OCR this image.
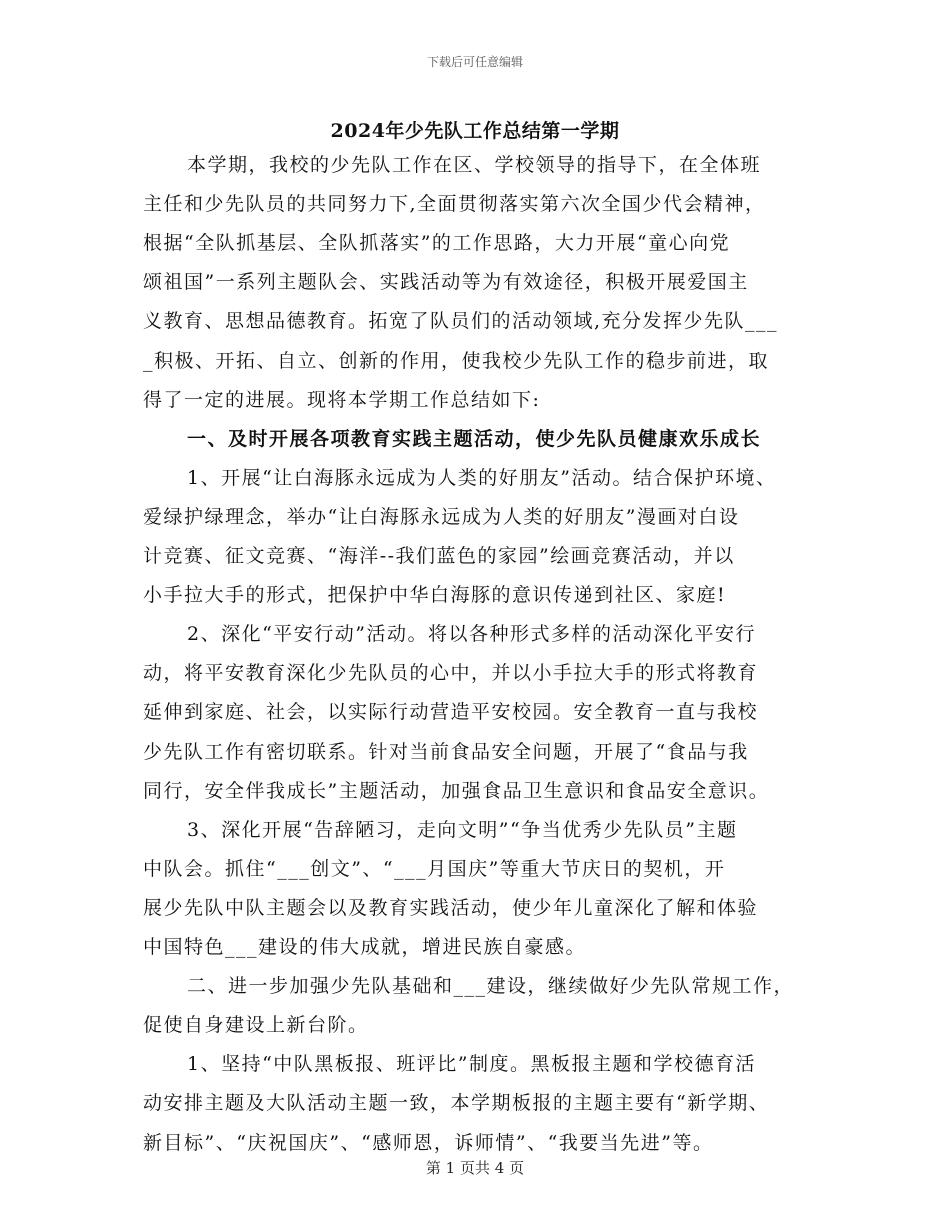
下载后可任意编辑
2024年少先队工作总结第一学期
本学期，我校的少先队工作在区、学校领导的指导下，在全体班
主任和少先队员的共同努力下,全面贯彻落实第六次全国少代会精神，
根据“全队抓基层、全队抓落实”的工作思路，大力开展“童心向党
颂祖国”一系列主题队会、实践活动等为有效途径，积极开展爱国主
义教育、思想品德教育。拓宽了队员们的活动领域,充分发挥少先队___
_积极、开拓、自立、创新的作用，使我校少先队工作的稳步前进，取
得了一定的进展。现将本学期工作总结如下:
一、及时开展各项教育实践主题活动，使少先队员健康欢乐成长
1、开展“让白海豚永远成为人类的好朋友”活动。结合保护环境、
爱绿护绿理念，举办“让白海豚永远成为人类的好朋友”漫画对白设
计竞赛、征文竞赛、“海洋--我们蓝色的家园”绘画竞赛活动，并以
小手拉大手的形式，把保护中华白海豚的意识传递到社区、家庭!
2、深化“平安行动”活动。将以各种形式多样的活动深化平安行
动，将平安教育深化少先队员的心中，并以小手拉大手的形式将教育
延伸到家庭、社会，以实际行动营造平安校园。安全教育一直与我校
少先队工作有密切联系。针对当前食品安全问题，开展了“食品与我
同行，安全伴我成长”主题活动，加强食品卫生意识和食品安全意识。
3、深化开展“告辞陋习，走向文明”“争当优秀少先队员”主题
中队会。抓住“___创文”、“___月国庆”等重大节庆日的契机，开
展少先队中队主题会以及教育实践活动，使少年儿童深化了解和体验
中国特色___建设的伟大成就，增进民族自豪感。
二、进一步加强少先队基础和___建设，继续做好少先队常规工作，
促使自身建设上新台阶。
1、坚持“中队黑板报、班评比”制度。黑板报主题和学校德育活
动安排主题及大队活动主题一致，本学期板报的主题主要有“新学期、
新目标”、“庆祝国庆”、“感师恩，诉师情”、“我要当先进”等。
第 1 页共 4 页
